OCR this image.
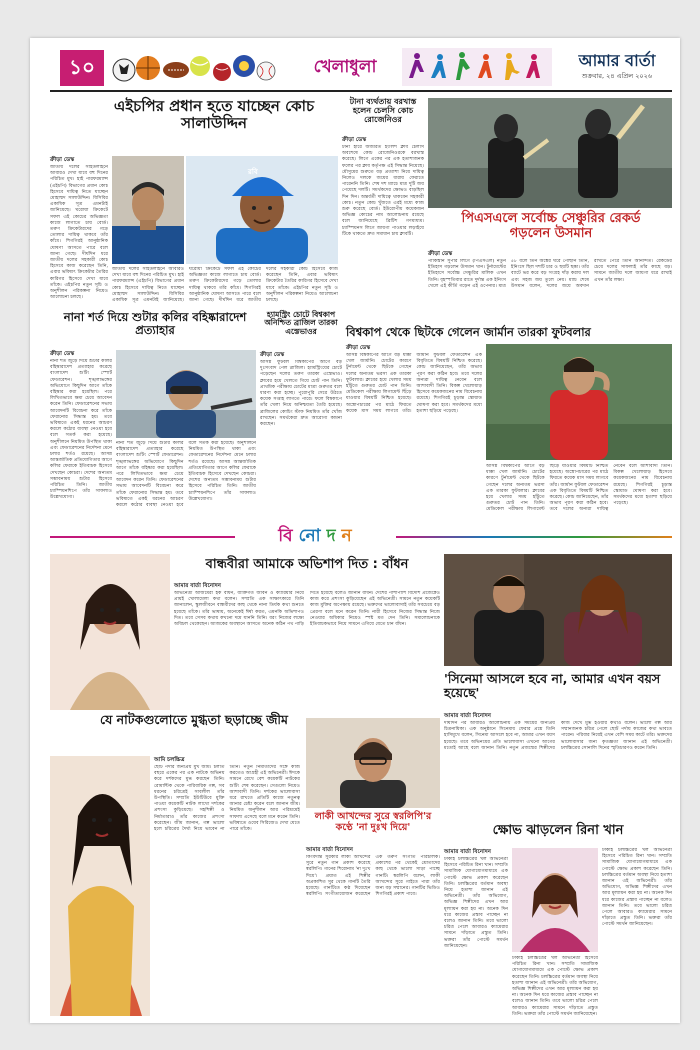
১০	খেলাধুলা	আমার বার্তা
শুক্রবার, ২৪ এপ্রিল ২০২৬
এইচপির প্রধান হতে যাচ্ছেন কোচ সালাউদ্দিন
ক্রীড়া ডেস্ক
জাতীয় দলের সাইডলাইনে আবারও দেখা যাবে বহু দিনের পরিচিত মুখ। হাই পারফরম্যান্স (এইচপি) বিভাগের প্রধান কোচ হিসেবে দায়িত্ব নিতে যাচ্ছেন মোহাম্মদ সালাউদ্দিন। বিসিবির একাধিক সূত্র এমনটাই জানিয়েছে। ঘরোয়া ক্রিকেটে সফল এই কোচের অভিজ্ঞতা কাজে লাগাতে চায় বোর্ড। তরুণ ক্রিকেটারদের গড়ে তোলার দায়িত্ব থাকবে তাঁর কাঁধে। শিগগিরই আনুষ্ঠানিক ঘোষণা আসতে পারে বলে জানা গেছে। দীর্ঘদিন ধরে জাতীয় দলের সহকারী কোচ হিসেবে কাজ করেছেন তিনি, এবার ভবিষ্যৎ ক্রিকেটার তৈরির কারিগর হিসেবে দেখা যাবে তাঁকে। এইচপির নতুন সূচি ও অনুশীলন পরিকল্পনা নিয়েও আলোচনা চলছে।
রবি
জাতীয় দলের সাইডলাইনে আবারও দেখা যাবে বহু দিনের পরিচিত মুখ। হাই পারফরম্যান্স (এইচপি) বিভাগের প্রধান কোচ হিসেবে দায়িত্ব নিতে যাচ্ছেন মোহাম্মদ সালাউদ্দিন। বিসিবির একাধিক সূত্র এমনটাই জানিয়েছে। ঘরোয়া ক্রিকেটে সফল এই কোচের অভিজ্ঞতা কাজে লাগাতে চায় বোর্ড। তরুণ ক্রিকেটারদের গড়ে তোলার দায়িত্ব থাকবে তাঁর কাঁধে। শিগগিরই আনুষ্ঠানিক ঘোষণা আসতে পারে বলে জানা গেছে। দীর্ঘদিন ধরে জাতীয় দলের সহকারী কোচ হিসেবে কাজ করেছেন তিনি, এবার ভবিষ্যৎ ক্রিকেটার তৈরির কারিগর হিসেবে দেখা যাবে তাঁকে। এইচপির নতুন সূচি ও অনুশীলন পরিকল্পনা নিয়েও আলোচনা চলছে।
টানা ব্যর্থতায় বরখাস্ত হলেন চেলসি কোচ রোজেনিওর
ক্রীড়া ডেস্ক
টানা হারে জর্জরিত ইংলিশ ক্লাব চেলসি অবশেষে কোচ রোজেনিওরকে বরখাস্ত করেছে। লিগে একের পর এক হতাশাজনক ফলের পর ক্লাব কর্তৃপক্ষ এই সিদ্ধান্ত নিয়েছে। মৌসুমের শুরুতে বড় প্রত্যাশা নিয়ে দায়িত্ব নিলেও দলকে জয়ের ধারায় ফেরাতে পারেননি তিনি। শেষ দশ ম্যাচে মাত্র দুটি জয় পেয়েছে দলটি। সমর্থকদের ক্ষোভও বাড়ছিল দিন দিন। অন্তর্বর্তী দায়িত্বে থাকবেন সহকারী কোচ। নতুন কোচ খুঁজতে এরই মধ্যে কাজ শুরু করেছে বোর্ড। ইউরোপীয় কয়েকজন অভিজ্ঞ কোচের নাম আলোচনায় রয়েছে বলে জানিয়েছে ব্রিটিশ গণমাধ্যম। চ্যাম্পিয়নস লিগে জায়গা পাওয়ার লড়াইয়ে টিকে থাকতে দ্রুত সমাধান চায় ক্লাবটি।
পিএসএলে সর্বোচ্চ সেঞ্চুরির রেকর্ড গড়লেন উসমান
ক্রীড়া ডেস্ক
পাকিস্তান সুপার লিগে (পিএসএল) নতুন ইতিহাস গড়লেন উসমান খান। টুর্নামেন্টের ইতিহাসে সর্বোচ্চ সেঞ্চুরির মালিক এখন তিনি। বৃহস্পতিবার রাতে দুর্দান্ত এক ইনিংস খেলে এই কীর্তি গড়েন এই ওপেনার। মাত্র ৫৮ বলে তিন অঙ্কের ঘরে পৌঁছান তিনি, ইনিংসে ছিল দশটি চার ও ছয়টি ছক্কা। তাঁর ব্যাটে ভর করে বড় সংগ্রহ দাঁড় করায় দল এবং সহজ জয় তুলে নেয়। ম্যাচ শেষে উসমান বলেন, দলের জয়ে অবদান রাখতে পেরে তিনি আনন্দিত। রেকর্ডের চেয়ে দলের সাফল্যই তাঁর কাছে বড়। সামনে জাতীয় দলে জায়গা ধরে রাখাই এখন তাঁর লক্ষ্য।
নানা শর্ত দিয়ে শুটার কলির বহিষ্কারাদেশ প্রত্যাহার
ক্রীড়া ডেস্ক
নানা শর্ত জুড়ে দিয়ে শুটার কলির বহিষ্কারাদেশ প্রত্যাহার করেছে বাংলাদেশ শুটিং স্পোর্ট ফেডারেশন। শৃঙ্খলাভঙ্গের অভিযোগে কিছুদিন আগে তাঁকে বহিষ্কার করা হয়েছিল। পরে লিখিতভাবে ক্ষমা চেয়ে আবেদন করেন তিনি। ফেডারেশনের সভায় আবেদনটি বিবেচনা করে তাঁকে ফেরানোর সিদ্ধান্ত হয়। তবে ভবিষ্যতে একই ধরনের আচরণ করলে কঠোর ব্যবস্থা নেওয়া হবে বলে সতর্ক করা হয়েছে। অনুশীলনে নিয়মিত উপস্থিত থাকা এবং ফেডারেশনের নির্দেশনা মেনে চলার শর্তও রয়েছে। আসন্ন আন্তর্জাতিক প্রতিযোগিতার আগে কলির ফেরাকে ইতিবাচক হিসেবে দেখছেন কোচরা। দেশের অন্যতম সম্ভাবনাময় শুটার হিসেবে পরিচিত তিনি। জাতীয় চ্যাম্পিয়নশিপে তাঁর সাফল্যও উল্লেখযোগ্য।
নানা শর্ত জুড়ে দিয়ে শুটার কলির বহিষ্কারাদেশ প্রত্যাহার করেছে বাংলাদেশ শুটিং স্পোর্ট ফেডারেশন। শৃঙ্খলাভঙ্গের অভিযোগে কিছুদিন আগে তাঁকে বহিষ্কার করা হয়েছিল। পরে লিখিতভাবে ক্ষমা চেয়ে আবেদন করেন তিনি। ফেডারেশনের সভায় আবেদনটি বিবেচনা করে তাঁকে ফেরানোর সিদ্ধান্ত হয়। তবে ভবিষ্যতে একই ধরনের আচরণ করলে কঠোর ব্যবস্থা নেওয়া হবে বলে সতর্ক করা হয়েছে। অনুশীলনে নিয়মিত উপস্থিত থাকা এবং ফেডারেশনের নির্দেশনা মেনে চলার শর্তও রয়েছে। আসন্ন আন্তর্জাতিক প্রতিযোগিতার আগে কলির ফেরাকে ইতিবাচক হিসেবে দেখছেন কোচরা। দেশের অন্যতম সম্ভাবনাময় শুটার হিসেবে পরিচিত তিনি। জাতীয় চ্যাম্পিয়নশিপে তাঁর সাফল্যও উল্লেখযোগ্য।
হ্যামস্ট্রিং চোটে বিশ্বকাপ অনিশ্চিত ব্রাজিল তারকা এস্তেভাওর
ক্রীড়া ডেস্ক
আসন্ন ফুটবল বিশ্বকাপের আগে বড় দুঃসংবাদ পেল ব্রাজিল। হ্যামস্ট্রিংয়ের চোটে পড়েছেন দলের তরুণ তারকা এস্তেভাও। ক্লাবের হয়ে খেলতে গিয়ে চোট পান তিনি। প্রাথমিক পরীক্ষায় চোটের মাত্রা গুরুতর বলে ধারণা করা হচ্ছে। পুরোপুরি সেরে উঠতে কয়েক সপ্তাহ লাগতে পারে। ফলে বিশ্বকাপে তাঁর খেলা নিয়ে অনিশ্চয়তা তৈরি হয়েছে। ব্রাজিলের কোচিং স্টাফ নিয়মিত তাঁর খোঁজ রাখছেন। সমর্থকেরা দ্রুত আরোগ্য কামনা করছেন।
বিশ্বকাপ থেকে ছিটকে গেলেন জার্মান তারকা ফুটবলার
ক্রীড়া ডেস্ক
আসন্ন বিশ্বকাপের আগে বড় ধাক্কা খেল জার্মানি। চোটের কারণে টুর্নামেন্ট থেকে ছিটকে গেছেন দলের অন্যতম ভরসা এক তারকা ফুটবলার। ক্লাবের হয়ে খেলার সময় হাঁটুতে গুরুতর চোট পান তিনি। মেডিকেল পরীক্ষায় লিগামেন্ট ছিঁড়ে যাওয়ার বিষয়টি নিশ্চিত হয়েছে। অস্ত্রোপচারের পর মাঠে ফিরতে কয়েক মাস সময় লাগবে তাঁর। জার্মান ফুটবল ফেডারেশন এক বিবৃতিতে বিষয়টি নিশ্চিত করেছে। কোচ জানিয়েছেন, তাঁর অভাব পূরণ করা কঠিন হবে। তবে দলের অন্যরা দায়িত্ব নেবেন বলে আশাবাদী তিনি। বিকল্প খেলোয়াড় হিসেবে কয়েকজনের নাম বিবেচনায় রয়েছে। শিগগিরই চূড়ান্ত স্কোয়াড ঘোষণা করা হবে। সমর্থকদের মধ্যে হতাশা ছড়িয়ে পড়েছে।
আসন্ন বিশ্বকাপের আগে বড় ধাক্কা খেল জার্মানি। চোটের কারণে টুর্নামেন্ট থেকে ছিটকে গেছেন দলের অন্যতম ভরসা এক তারকা ফুটবলার। ক্লাবের হয়ে খেলার সময় হাঁটুতে গুরুতর চোট পান তিনি। মেডিকেল পরীক্ষায় লিগামেন্ট ছিঁড়ে যাওয়ার বিষয়টি নিশ্চিত হয়েছে। অস্ত্রোপচারের পর মাঠে ফিরতে কয়েক মাস সময় লাগবে তাঁর। জার্মান ফুটবল ফেডারেশন এক বিবৃতিতে বিষয়টি নিশ্চিত করেছে। কোচ জানিয়েছেন, তাঁর অভাব পূরণ করা কঠিন হবে। তবে দলের অন্যরা দায়িত্ব নেবেন বলে আশাবাদী তিনি। বিকল্প খেলোয়াড় হিসেবে কয়েকজনের নাম বিবেচনায় রয়েছে। শিগগিরই চূড়ান্ত স্কোয়াড ঘোষণা করা হবে। সমর্থকদের মধ্যে হতাশা ছড়িয়ে পড়েছে।
বি নো দ ন
বান্ধবীরা আমাকে অভিশাপ দিত : বাঁধন
আমার বার্তা বিনোদন
অভিনেত্রী আজমেরী হক বাঁধন, ব্যক্তিগত জীবন ও ক্যারিয়ার নিয়ে প্রায়ই খোলামেলা কথা বলেন। সম্প্রতি এক সাক্ষাৎকারে তিনি জানালেন, স্কুলজীবনে বান্ধবীদের কাছ থেকে নানা তির্যক কথা শুনতে হয়েছে তাঁকে। তাঁর ভাষায়, অনেকেই ঈর্ষা করত, এমনকি অভিশাপও দিত। তবে সেসব কথায় কখনো দমে যাননি তিনি। বরং নিজের লক্ষ্যে অবিচল থেকেছেন। আজকের অবস্থানে আসতে অনেক কঠিন পথ পাড়ি দিতে হয়েছে বলেও জানান বাঁধন। দেশের পাশাপাশি বিদেশি প্রজেক্টেও কাজ করে প্রশংসা কুড়িয়েছেন এই অভিনেত্রী। সামনে নতুন কয়েকটি কাজ মুক্তির অপেক্ষায় রয়েছে। ভক্তদের ভালোবাসাই তাঁর সবচেয়ে বড় প্রেরণা বলে মনে করেন তিনি। নারী হিসেবে নিজের সিদ্ধান্ত নিজে নেওয়ার অধিকার নিয়েও স্পষ্ট মত দেন তিনি। সমালোচনাকে ইতিবাচকভাবে নিয়ে সামনে এগিয়ে যেতে চান বাঁধন।
'সিনেমা আসলে হবে না, আমার এখন বয়স হয়েছে'
আমার বার্তা বিনোদন
দীর্ঘদিন পর আবারও আলোচনায় এক সময়ের জনপ্রিয় চিত্রনায়িকা। এক অনুষ্ঠানে সিনেমায় ফেরার প্রশ্নে তিনি হাসিমুখে বলেন, সিনেমা আসলে হবে না, আমার এখন বয়স হয়েছে। তবে অভিনয়ের প্রতি ভালোবাসা এখনো আগের মতোই আছে বলে জানান তিনি। নতুন প্রজন্মের শিল্পীদের কাজ দেখে মুগ্ধ হওয়ার কথাও বলেন। ভালো গল্প আর সম্মানজনক চরিত্র পেলে ছোট পর্দায় কাজের কথা ভাবতে পারেন। পরিবার নিয়েই এখন বেশি সময় কাটে তাঁর। ভক্তদের ভালোবাসার জন্য কৃতজ্ঞতা জানান এই অভিনেত্রী। চলচ্চিত্রের সোনালি দিনের স্মৃতিচারণও করেন তিনি।
যে নাটকগুলোতে মুগ্ধতা ছড়াচ্ছে জীম
আমি চলচ্চিত্র
ছোট পর্দার জনপ্রিয় মুখ জীম। চলতি বছরে একের পর এক নাটকে অভিনয় করে দর্শকদের মুগ্ধ করছেন তিনি। রোমান্টিক থেকে পারিবারিক গল্প, সব ধরনের চরিত্রেই সাবলীল তাঁর উপস্থিতি। সম্প্রতি ইউটিউবে মুক্তি পাওয়া কয়েকটি নাটক লাখো দর্শকের প্রশংসা কুড়িয়েছে। সহশিল্পী ও নির্মাতারাও তাঁর কাজের প্রশংসা করেছেন। জীম জানান, গল্প ভালো হলে চরিত্রের দৈর্ঘ্য নিয়ে ভাবেন না তিনি। নতুন নির্মাতাদের সঙ্গে কাজ করতেও আগ্রহী এই অভিনেত্রী। ঈদকে সামনে রেখে বেশ কয়েকটি নাটকের শুটিং শেষ করেছেন। সেগুলো নিয়েও আশাবাদী তিনি। দর্শকের ভালোবাসা ধরে রাখতে প্রতিটি কাজে নতুনত্ব আনার চেষ্টা করেন বলে জানান জীম। নিয়মিত অনুশীলন আর পরিশ্রমেই সাফল্য এসেছে বলে মনে করেন তিনি। ভবিষ্যতে ওয়েব সিরিজেও দেখা যেতে পারে তাঁকে।
লাকী আখন্দের সুরে স্বরলিপি'র কণ্ঠে 'না দুঃখ দিয়ে'
আমার বার্তা বিনোদন
কিংবদন্তি সুরকার লাকী আখন্দের সুরে নতুন গান প্রকাশ করেছে স্বরলিপি। গানের শিরোনাম 'না দুঃখ দিয়ে'। প্রয়াত এই শিল্পীর অপ্রকাশিত সুর থেকে গানটি তৈরি হয়েছে। গানটিতে কণ্ঠ দিয়েছেন স্বরলিপি। সংগীতায়োজন করেছেন এক তরুণ সংগীত পরিচালক। প্রকাশের পর থেকেই শ্রোতাদের কাছ থেকে ভালো সাড়া পাচ্ছে গানটি। স্বরলিপি বলেন, লাকী আখন্দের সুরে গাইতে পারা তাঁর জন্য বড় সম্মানের। গানটির ভিডিও শিগগিরই প্রকাশ পাবে।
ক্ষোভ ঝাড়লেন রিনা খান
আমার বার্তা বিনোদন
ঢাকাই চলচ্চিত্রের খল অভিনেত্রী হিসেবে পরিচিত রিনা খান। সম্প্রতি সামাজিক যোগাযোগমাধ্যমে এক পোস্টে ক্ষোভ প্রকাশ করেছেন তিনি। চলচ্চিত্রের বর্তমান অবস্থা নিয়ে হতাশা জানান এই অভিনেত্রী। তাঁর অভিযোগ, অভিজ্ঞ শিল্পীদের এখন আর মূল্যায়ন করা হয় না। অনেক দিন ধরে কাজের প্রস্তাব পাচ্ছেন না বলেও জানান তিনি। তবে ভালো চরিত্র পেলে আবারও ক্যামেরার সামনে দাঁড়াতে প্রস্তুত তিনি। ভক্তরা তাঁর পোস্টে সমর্থন জানিয়েছেন।
ঢাকাই চলচ্চিত্রের খল অভিনেত্রী হিসেবে পরিচিত রিনা খান। সম্প্রতি সামাজিক যোগাযোগমাধ্যমে এক পোস্টে ক্ষোভ প্রকাশ করেছেন তিনি। চলচ্চিত্রের বর্তমান অবস্থা নিয়ে হতাশা জানান এই অভিনেত্রী। তাঁর অভিযোগ, অভিজ্ঞ শিল্পীদের এখন আর মূল্যায়ন করা হয় না। অনেক দিন ধরে কাজের প্রস্তাব পাচ্ছেন না বলেও জানান তিনি। তবে ভালো চরিত্র পেলে আবারও ক্যামেরার সামনে দাঁড়াতে প্রস্তুত তিনি। ভক্তরা তাঁর পোস্টে সমর্থন জানিয়েছেন।
ঢাকাই চলচ্চিত্রের খল অভিনেত্রী হিসেবে পরিচিত রিনা খান। সম্প্রতি সামাজিক যোগাযোগমাধ্যমে এক পোস্টে ক্ষোভ প্রকাশ করেছেন তিনি। চলচ্চিত্রের বর্তমান অবস্থা নিয়ে হতাশা জানান এই অভিনেত্রী। তাঁর অভিযোগ, অভিজ্ঞ শিল্পীদের এখন আর মূল্যায়ন করা হয় না। অনেক দিন ধরে কাজের প্রস্তাব পাচ্ছেন না বলেও জানান তিনি। তবে ভালো চরিত্র পেলে আবারও ক্যামেরার সামনে দাঁড়াতে প্রস্তুত তিনি। ভক্তরা তাঁর পোস্টে সমর্থন জানিয়েছেন।
